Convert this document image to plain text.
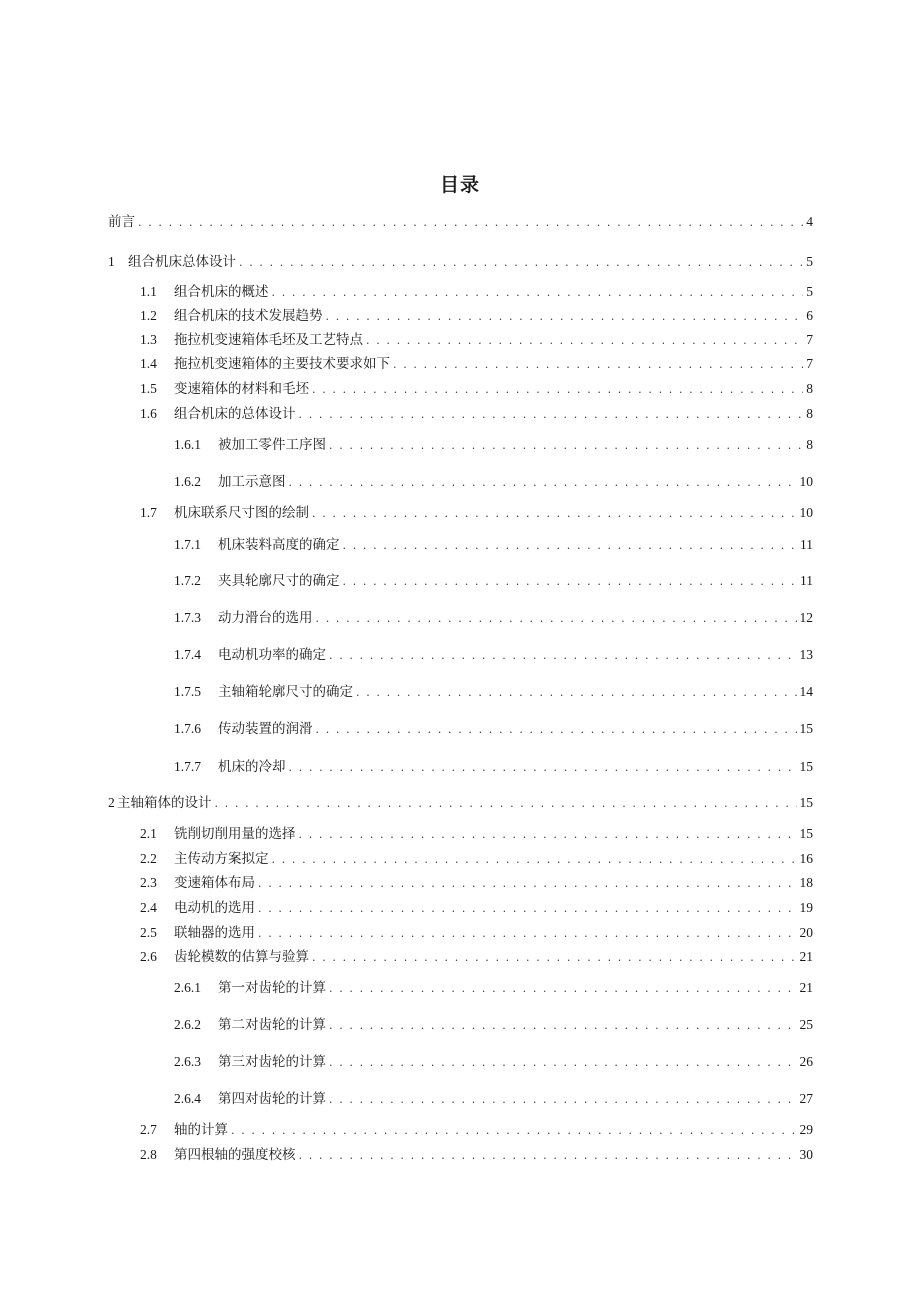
目录
前言 . . .	4
1 组合机床总体设计 . . .	5
1.1	组合机床的概述 . . .	5
1.2	组合机床的技术发展趋势 . . .	6
1.3	拖拉机变速箱体毛坯及工艺特点 . . .	7
1.4	拖拉机变速箱体的主要技术要求如下 . . .	7
1.5	变速箱体的材料和毛坯 . . .	8
1.6	组合机床的总体设计 . . .	8
1.6.1	被加工零件工序图 . . .	8
1.6.2	加工示意图 . . .	10
1.7	机床联系尺寸图的绘制 . . .	10
1.7.1	机床装料高度的确定 . . .	11
1.7.2	夹具轮廓尺寸的确定 . . .	11
1.7.3	动力滑台的选用 . . .	12
1.7.4	电动机功率的确定 . . .	13
1.7.5	主轴箱轮廓尺寸的确定 . . .	14
1.7.6	传动装置的润滑 . . .	15
1.7.7	机床的冷却 . . .	15
2 主轴箱体的设计 . . .	15
2.1	铣削切削用量的选择 . . .	15
2.2	主传动方案拟定 . . .	16
2.3	变速箱体布局 . . .	18
2.4	电动机的选用 . . .	19
2.5	联轴器的选用 . . .	20
2.6	齿轮模数的估算与验算 . . .	21
2.6.1	第一对齿轮的计算 . . .	21
2.6.2	第二对齿轮的计算 . . .	25
2.6.3	第三对齿轮的计算 . . .	26
2.6.4	第四对齿轮的计算 . . .	27
2.7	轴的计算 . . .	29
2.8	第四根轴的强度校核 . . .	30
